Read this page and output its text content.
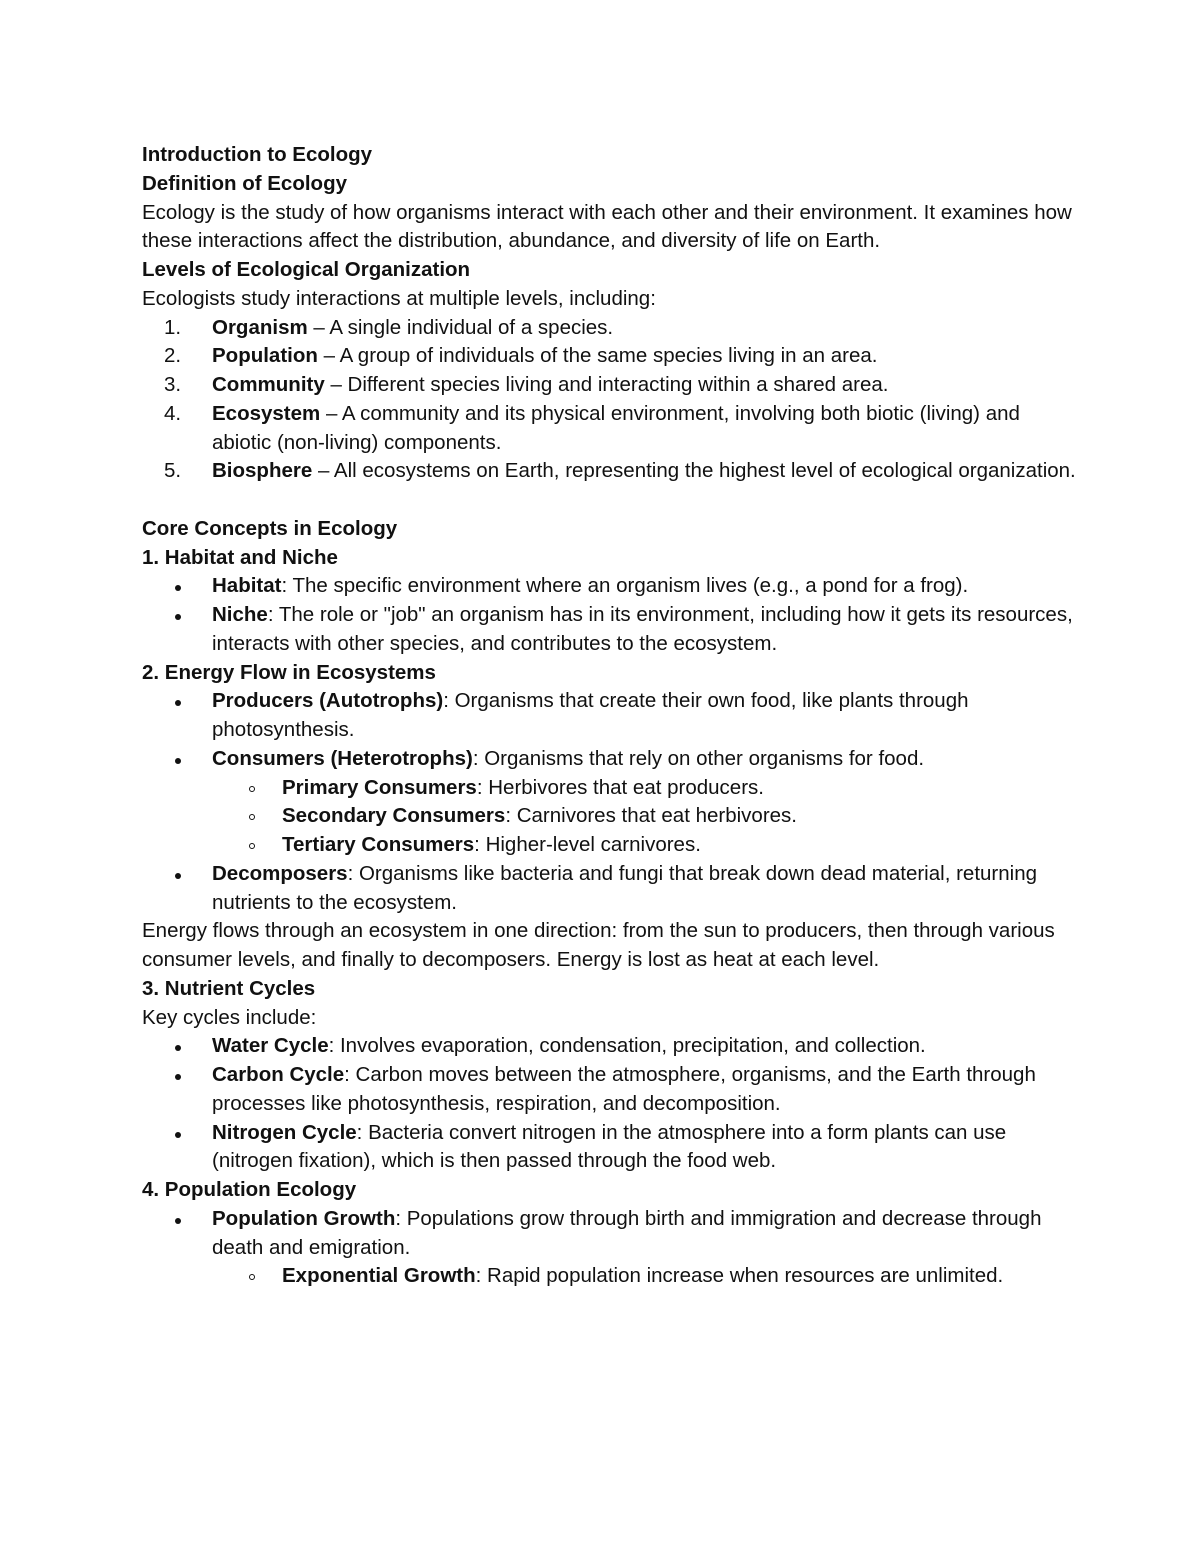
Introduction to Ecology

Definition of Ecology

Ecology is the study of how organisms interact with each other and their environment. It examines how these interactions affect the distribution, abundance, and diversity of life on Earth.

Levels of Ecological Organization

Ecologists study interactions at multiple levels, including:

1. Organism – A single individual of a species.
2. Population – A group of individuals of the same species living in an area.
3. Community – Different species living and interacting within a shared area.
4. Ecosystem – A community and its physical environment, involving both biotic (living) and abiotic (non-living) components.
5. Biosphere – All ecosystems on Earth, representing the highest level of ecological organization.

Core Concepts in Ecology

1. Habitat and Niche

Habitat: The specific environment where an organism lives (e.g., a pond for a frog).
Niche: The role or "job" an organism has in its environment, including how it gets its resources, interacts with other species, and contributes to the ecosystem.

2. Energy Flow in Ecosystems

Producers (Autotrophs): Organisms that create their own food, like plants through photosynthesis.
Consumers (Heterotrophs): Organisms that rely on other organisms for food.
Primary Consumers: Herbivores that eat producers.
Secondary Consumers: Carnivores that eat herbivores.
Tertiary Consumers: Higher-level carnivores.
Decomposers: Organisms like bacteria and fungi that break down dead material, returning nutrients to the ecosystem.

Energy flows through an ecosystem in one direction: from the sun to producers, then through various consumer levels, and finally to decomposers. Energy is lost as heat at each level.

3. Nutrient Cycles

Key cycles include:

Water Cycle: Involves evaporation, condensation, precipitation, and collection.
Carbon Cycle: Carbon moves between the atmosphere, organisms, and the Earth through processes like photosynthesis, respiration, and decomposition.
Nitrogen Cycle: Bacteria convert nitrogen in the atmosphere into a form plants can use (nitrogen fixation), which is then passed through the food web.

4. Population Ecology

Population Growth: Populations grow through birth and immigration and decrease through death and emigration.
Exponential Growth: Rapid population increase when resources are unlimited.
